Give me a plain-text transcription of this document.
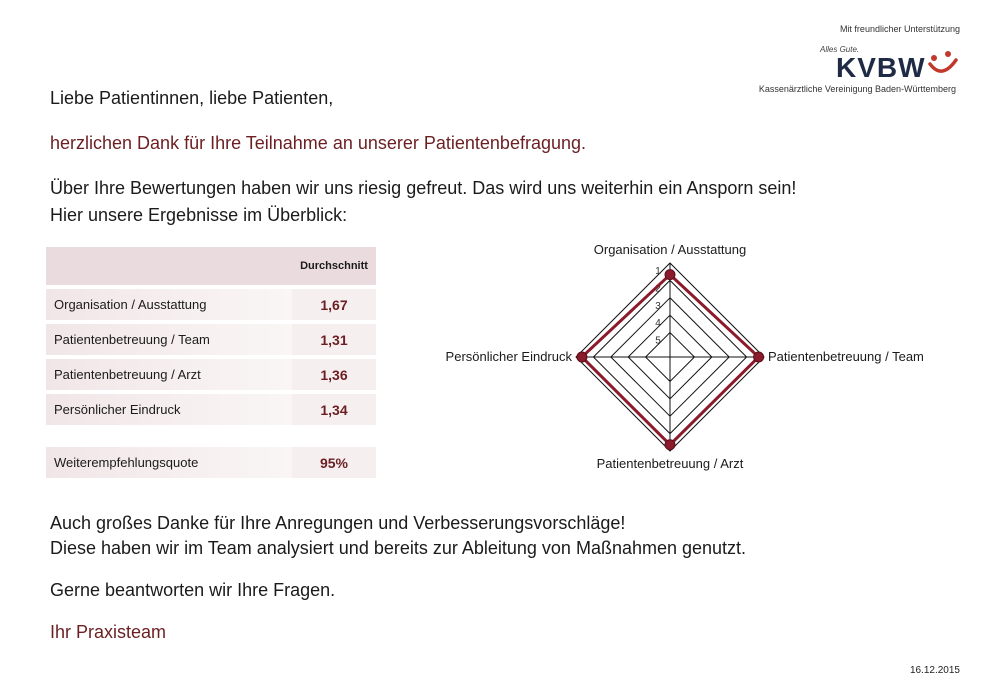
Mit freundlicher Unterstützung
Alles Gute.
KVBW
Kassenärztliche Vereinigung Baden-Württemberg
Liebe Patientinnen, liebe Patienten,
herzlichen Dank für Ihre Teilnahme an unserer Patientenbefragung.
Über Ihre Bewertungen haben wir uns riesig gefreut. Das wird uns weiterhin ein Ansporn sein!
Hier unsere Ergebnisse im Überblick:
	Durchschnitt
Organisation / Ausstattung	1,67
Patientenbetreuung / Team	1,31
Patientenbetreuung / Arzt	1,36
Persönlicher Eindruck	1,34

Weiterempfehlungsquote	95%
1
2
3
4
5
Organisation / Ausstattung
Patientenbetreuung / Team
Patientenbetreuung / Arzt
Persönlicher Eindruck
Auch großes Danke für Ihre Anregungen und Verbesserungsvorschläge!
Diese haben wir im Team analysiert und bereits zur Ableitung von Maßnahmen genutzt.
Gerne beantworten wir Ihre Fragen.
Ihr Praxisteam
16.12.2015
